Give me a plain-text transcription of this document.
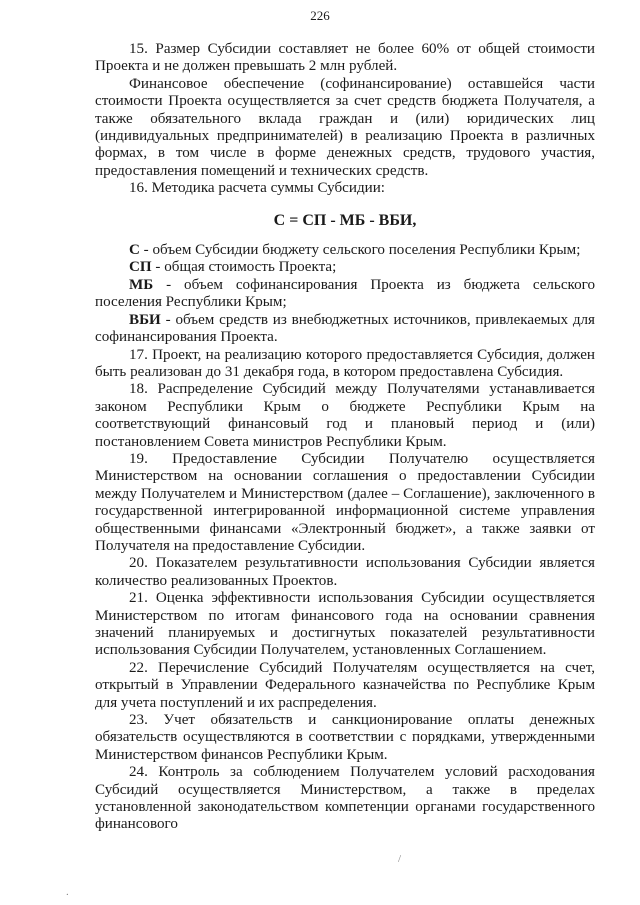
226

15. Размер Субсидии составляет не более 60% от общей стоимости Проекта и не должен превышать 2 млн рублей.

Финансовое обеспечение (софинансирование) оставшейся части стоимости Проекта осуществляется за счет средств бюджета Получателя, а также обязательного вклада граждан и (или) юридических лиц (индивидуальных предпринимателей) в реализацию Проекта в различных формах, в том числе в форме денежных средств, трудового участия, предоставления помещений и технических средств.

16. Методика расчета суммы Субсидии:

С = СП - МБ - ВБИ,

С - объем Субсидии бюджету сельского поселения Республики Крым;

СП - общая стоимость Проекта;

МБ - объем софинансирования Проекта из бюджета сельского поселения Республики Крым;

ВБИ - объем средств из внебюджетных источников, привлекаемых для софинансирования Проекта.

17. Проект, на реализацию которого предоставляется Субсидия, должен быть реализован до 31 декабря года, в котором предоставлена Субсидия.

18. Распределение Субсидий между Получателями устанавливается законом Республики Крым о бюджете Республики Крым на соответствующий финансовый год и плановый период и (или) постановлением Совета министров Республики Крым.

19. Предоставление Субсидии Получателю осуществляется Министерством на основании соглашения о предоставлении Субсидии между Получателем и Министерством (далее – Соглашение), заключенного в государственной интегрированной информационной системе управления общественными финансами «Электронный бюджет», а также заявки от Получателя на предоставление Субсидии.

20. Показателем результативности использования Субсидии является количество реализованных Проектов.

21. Оценка эффективности использования Субсидии осуществляется Министерством по итогам финансового года на основании сравнения значений планируемых и достигнутых показателей результативности использования Субсидии Получателем, установленных Соглашением.

22. Перечисление Субсидий Получателям осуществляется на счет, открытый в Управлении Федерального казначейства по Республике Крым для учета поступлений и их распределения.

23. Учет обязательств и санкционирование оплаты денежных обязательств осуществляются в соответствии с порядками, утвержденными Министерством финансов Республики Крым.

24. Контроль за соблюдением Получателем условий расходования Субсидий осуществляется Министерством, а также в пределах установленной законодательством компетенции органами государственного финансового

/
.
